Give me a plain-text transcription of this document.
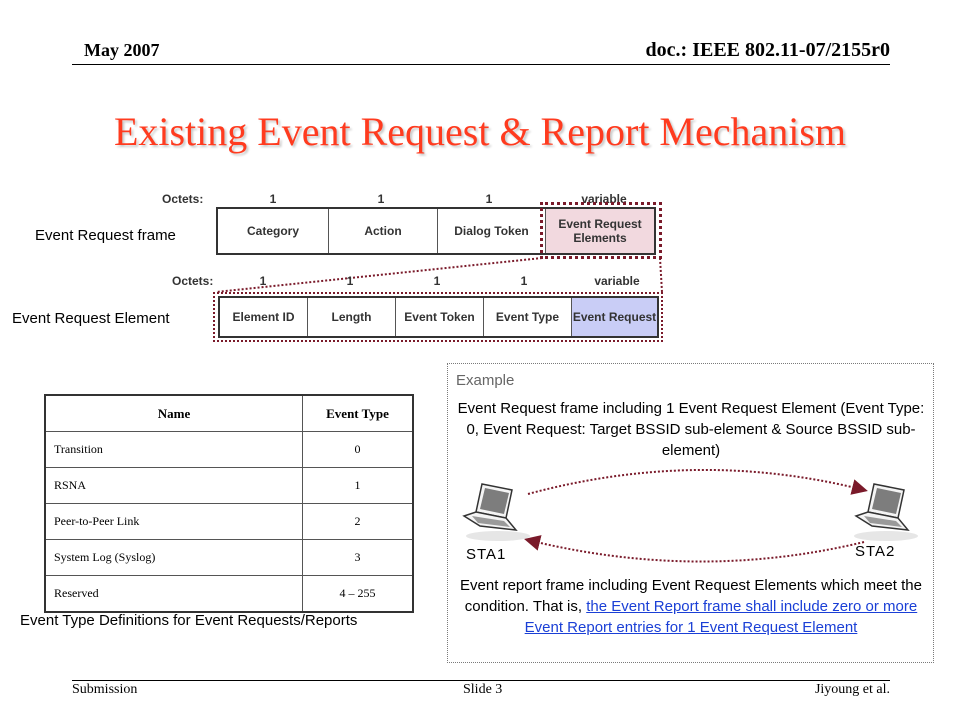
May 2007	doc.: IEEE 802.11-07/2155r0
Existing Event Request & Report Mechanism
Event Request frame
Octets:	1	1	1	variable
Category	Action	Dialog Token	Event Request Elements
Event Request Element
Octets:	1	1	1	1	variable
Element ID	Length	Event Token	Event Type	Event Request
Name	Event Type
Transition	0
RSNA	1
Peer-to-Peer Link	2
System Log (Syslog)	3
Reserved	4 – 255
Event Type Definitions for Event Requests/Reports
Example
Event Request frame including 1 Event Request Element (Event Type: 0, Event Request: Target BSSID sub-element & Source BSSID sub-element)
STA1	STA2
Event report frame including Event Request Elements which meet the condition. That is, the Event Report frame shall include zero or more Event Report entries for 1 Event Request Element
Submission	Slide 3	Jiyoung et al.
